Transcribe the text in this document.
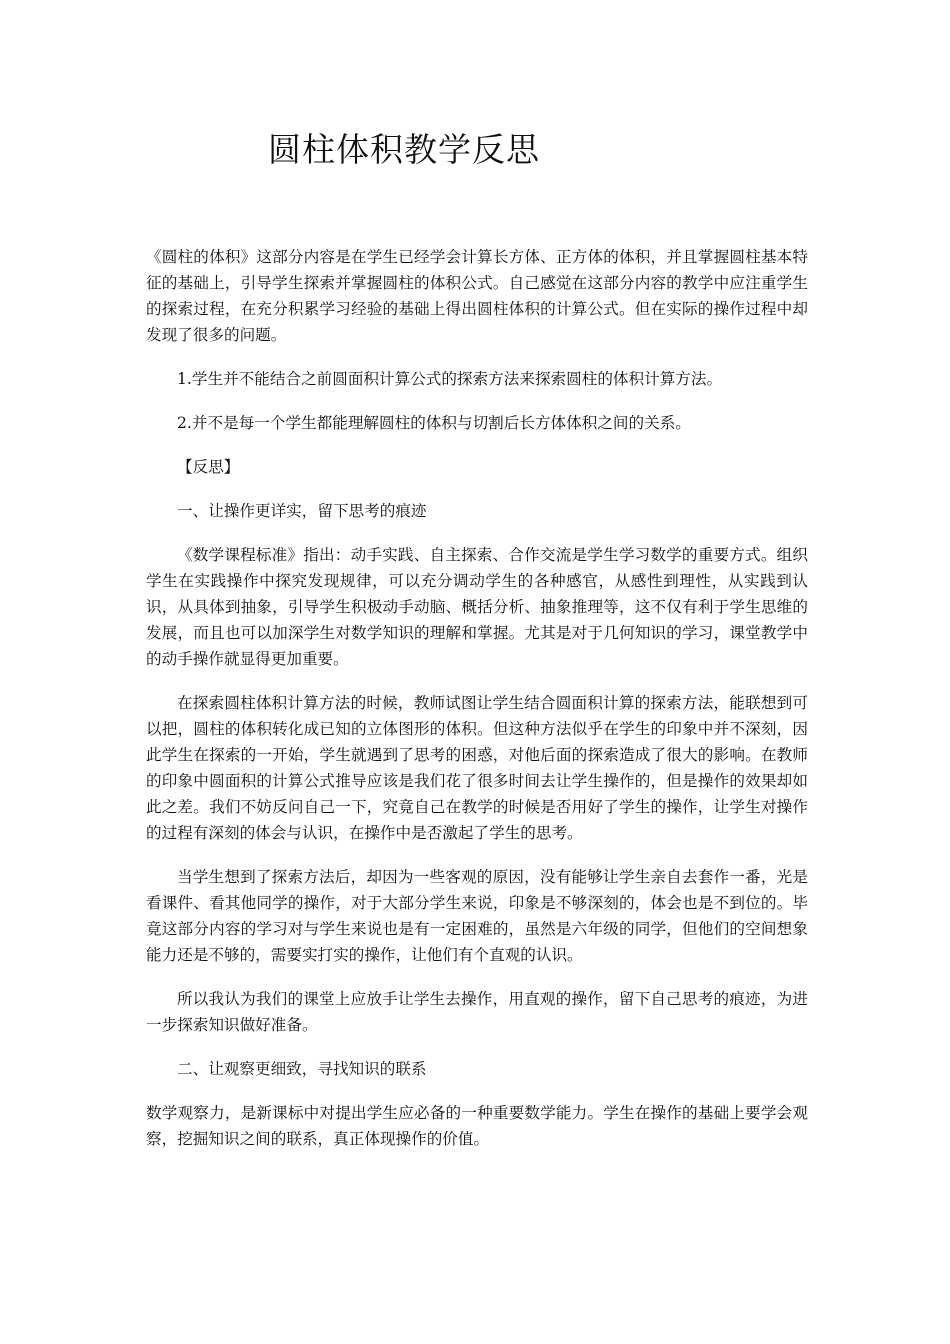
圆柱体积教学反思

《圆柱的体积》这部分内容是在学生已经学会计算长方体、正方体的体积，并且掌握圆柱基本特征的基础上，引导学生探索并掌握圆柱的体积公式。自己感觉在这部分内容的教学中应注重学生的探索过程，在充分积累学习经验的基础上得出圆柱体积的计算公式。但在实际的操作过程中却发现了很多的问题。

1.学生并不能结合之前圆面积计算公式的探索方法来探索圆柱的体积计算方法。

2.并不是每一个学生都能理解圆柱的体积与切割后长方体体积之间的关系。

【反思】

一、让操作更详实，留下思考的痕迹

《数学课程标准》指出：动手实践、自主探索、合作交流是学生学习数学的重要方式。组织学生在实践操作中探究发现规律，可以充分调动学生的各种感官，从感性到理性，从实践到认识，从具体到抽象，引导学生积极动手动脑、概括分析、抽象推理等，这不仅有利于学生思维的发展，而且也可以加深学生对数学知识的理解和掌握。尤其是对于几何知识的学习，课堂教学中的动手操作就显得更加重要。

在探索圆柱体积计算方法的时候，教师试图让学生结合圆面积计算的探索方法，能联想到可以把，圆柱的体积转化成已知的立体图形的体积。但这种方法似乎在学生的印象中并不深刻，因此学生在探索的一开始，学生就遇到了思考的困惑，对他后面的探索造成了很大的影响。在教师的印象中圆面积的计算公式推导应该是我们花了很多时间去让学生操作的，但是操作的效果却如此之差。我们不妨反问自己一下，究竟自己在教学的时候是否用好了学生的操作，让学生对操作的过程有深刻的体会与认识，在操作中是否激起了学生的思考。

当学生想到了探索方法后，却因为一些客观的原因，没有能够让学生亲自去套作一番，光是看课件、看其他同学的操作，对于大部分学生来说，印象是不够深刻的，体会也是不到位的。毕竟这部分内容的学习对与学生来说也是有一定困难的，虽然是六年级的同学，但他们的空间想象能力还是不够的，需要实打实的操作，让他们有个直观的认识。

所以我认为我们的课堂上应放手让学生去操作，用直观的操作，留下自己思考的痕迹，为进一步探索知识做好准备。

二、让观察更细致，寻找知识的联系

数学观察力，是新课标中对提出学生应必备的一种重要数学能力。学生在操作的基础上要学会观察，挖掘知识之间的联系，真正体现操作的价值。
